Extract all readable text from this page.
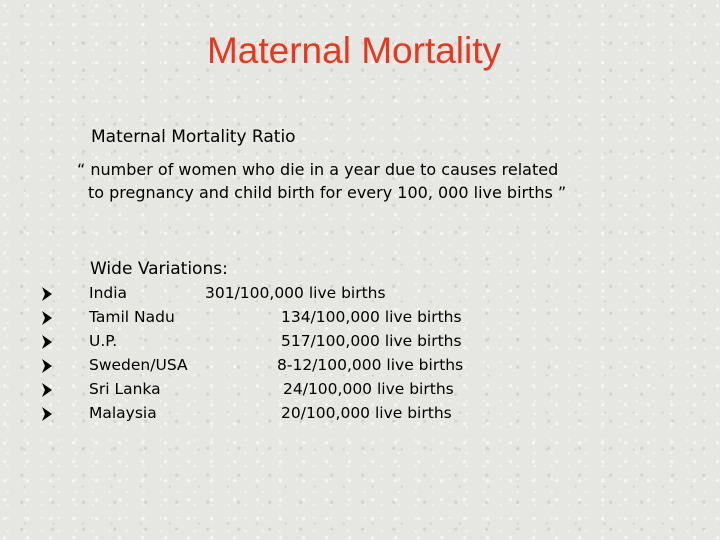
Maternal Mortality
Maternal Mortality Ratio
“ number of women who die in a year due to causes related
to pregnancy and child birth for every 100, 000 live births ”
Wide Variations:
India	301/100,000 live births
Tamil Nadu	134/100,000 live births
U.P.	517/100,000 live births
Sweden/USA	8-12/100,000 live births
Sri Lanka	24/100,000 live births
Malaysia	20/100,000 live births
